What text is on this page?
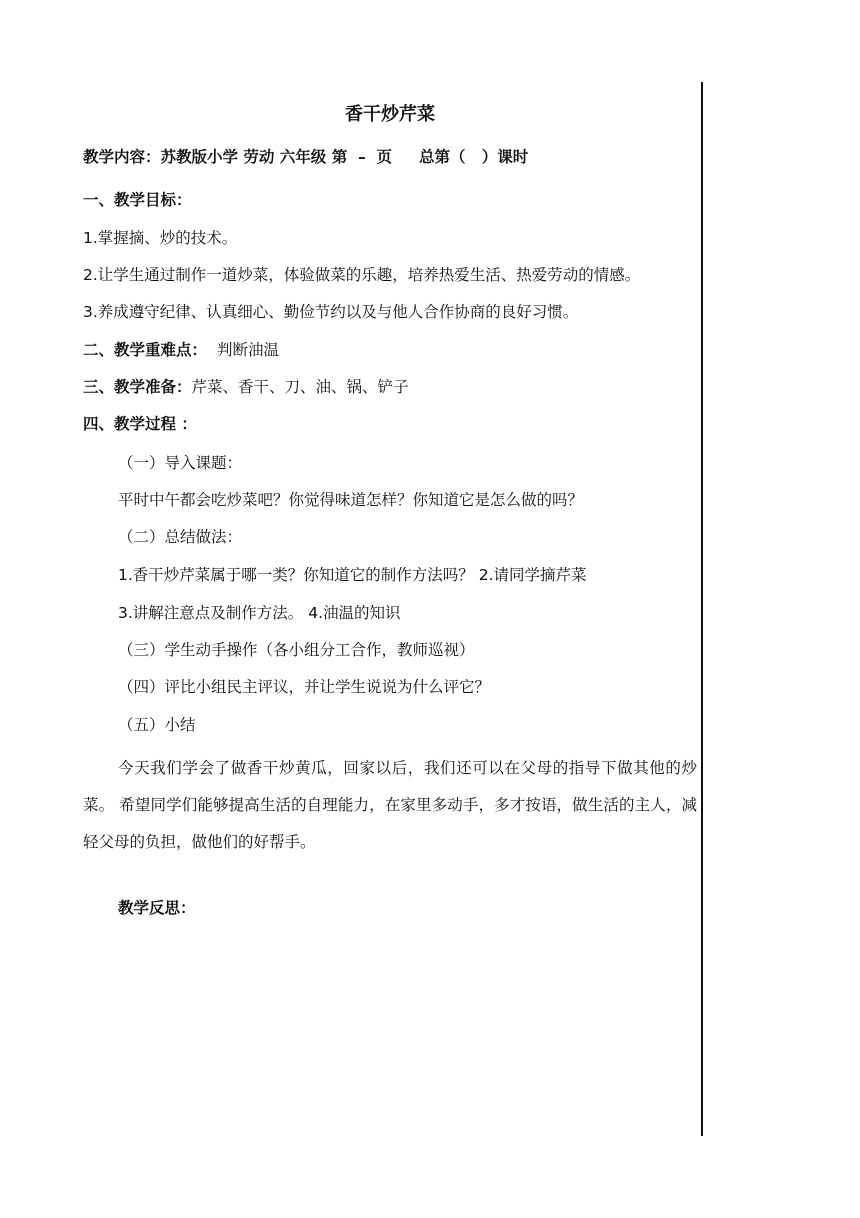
香干炒芹菜
教学内容：苏教版小学 劳动 六年级 第  –  页     总第（   ）课时
一、教学目标：
1.掌握摘、炒的技术。
2.让学生通过制作一道炒菜，体验做菜的乐趣，培养热爱生活、热爱劳动的情感。
3.养成遵守纪律、认真细心、勤俭节约以及与他人合作协商的良好习惯。
二、教学重难点： 判断油温
三、教学准备：芹菜、香干、刀、油、锅、铲子
四、教学过程 ：
（一）导入课题：
平时中午都会吃炒菜吧？你觉得味道怎样？你知道它是怎么做的吗？
（二）总结做法：
1.香干炒芹菜属于哪一类？你知道它的制作方法吗？ 2.请同学摘芹菜
3.讲解注意点及制作方法。 4.油温的知识
（三）学生动手操作（各小组分工合作，教师巡视）
（四）评比小组民主评议，并让学生说说为什么评它？
（五）小结
今天我们学会了做香干炒黄瓜，回家以后，我们还可以在父母的指导下做其他的炒菜。 希望同学们能够提高生活的自理能力，在家里多动手，多才按语，做生活的主人，减轻父母的负担，做他们的好帮手。
教学反思：
